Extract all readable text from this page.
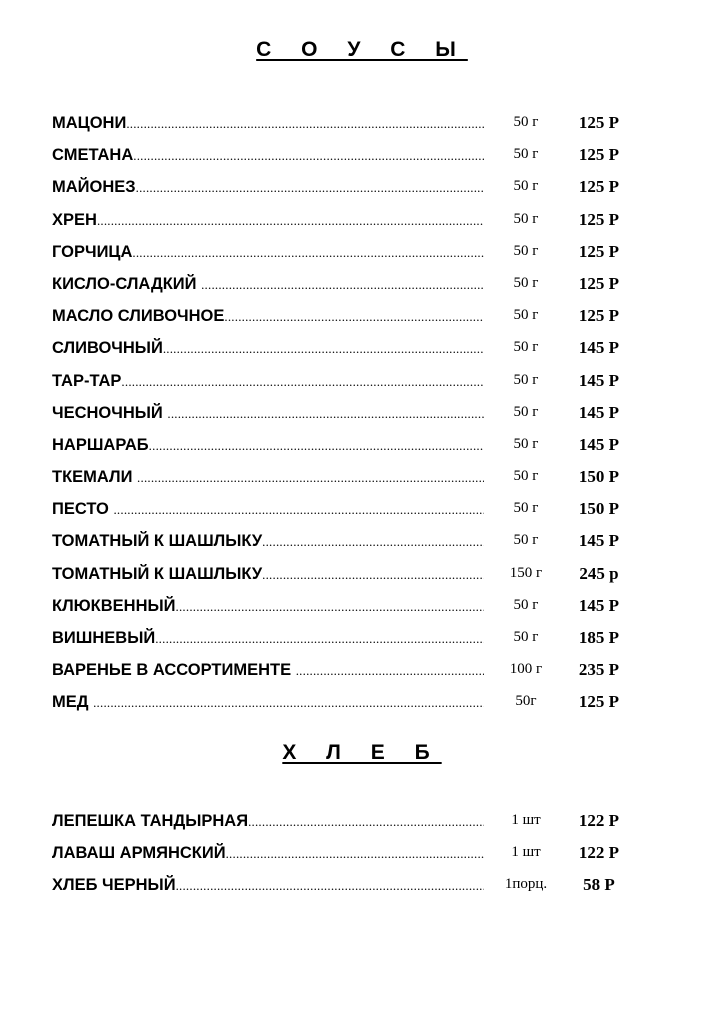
С О У С Ы
МАЦОНИ .....	50 г	125 Р
СМЕТАНА .....	50 г	125 Р
МАЙОНЕЗ .....	50 г	125 Р
ХРЕН .....	50 г	125 Р
ГОРЧИЦА .....	50 г	125 Р
КИСЛО-СЛАДКИЙ .....	50 г	125 Р
МАСЛО СЛИВОЧНОЕ .....	50 г	125 Р
СЛИВОЧНЫЙ .....	50 г	145 Р
ТАР-ТАР .....	50 г	145 Р
ЧЕСНОЧНЫЙ .....	50 г	145 Р
НАРШАРАБ .....	50 г	145 Р
ТКЕМАЛИ .....	50 г	150 Р
ПЕСТО .....	50 г	150 Р
ТОМАТНЫЙ К ШАШЛЫКУ .....	50 г	145 Р
ТОМАТНЫЙ К ШАШЛЫКУ .....	150 г	245 р
КЛЮКВЕННЫЙ .....	50 г	145 Р
ВИШНЕВЫЙ .....	50 г	185 Р
ВАРЕНЬЕ В АССОРТИМЕНТЕ .....	100 г	235 Р
МЕД .....	50г	125 Р
Х Л Е Б
ЛЕПЕШКА ТАНДЫРНАЯ .....	1 шт	122 Р
ЛАВАШ АРМЯНСКИЙ .....	1 шт	122 Р
ХЛЕБ ЧЕРНЫЙ .....	1порц.	58 Р
